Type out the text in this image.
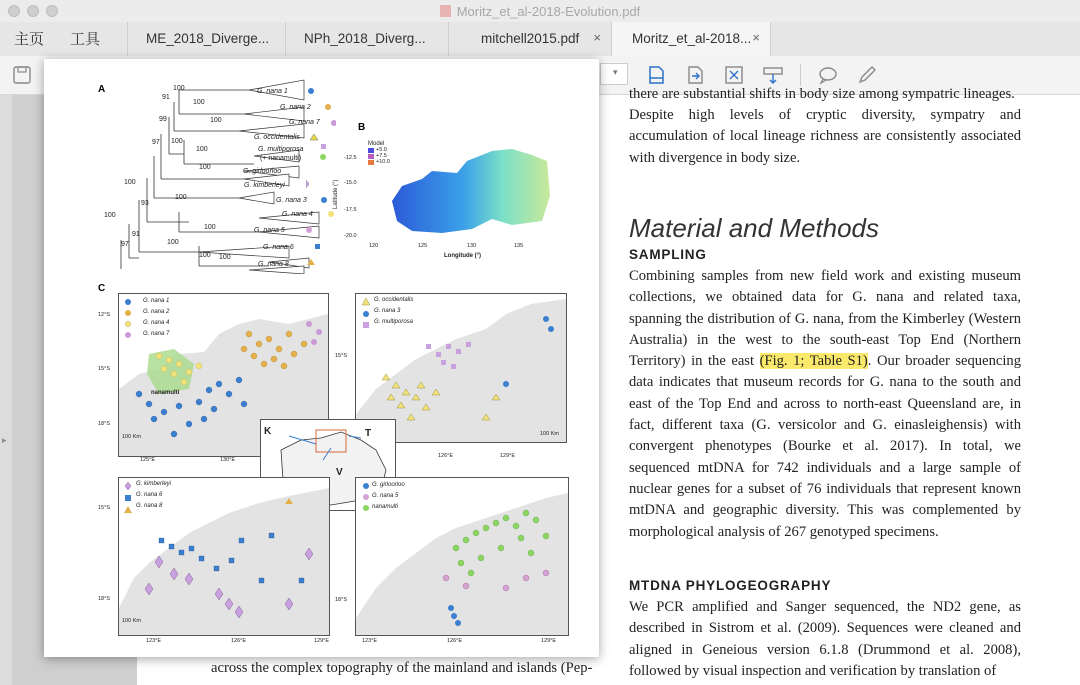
Moritz_et_al-2018-Evolution.pdf
主页 工具	ME_2018_Diverge...	NPh_2018_Diverg...	mitchell2015.pdf ×	Moritz_et_al-2018... ×
▾
▸
there are substantial shifts in body size among sympatric lineages.
Despite high levels of cryptic diversity, sympatry and accumulation of local lineage richness are consistently associated with divergence in body size.
Material and Methods
SAMPLING
Combining samples from new field work and existing museum collections, we obtained data for G. nana and related taxa, spanning the distribution of G. nana, from the Kimberley (Western Australia) in the west to the south-east Top End (Northern Territory) in the east (Fig. 1; Table S1). Our broader sequencing data indicates that museum records for G. nana to the south and east of the Top End and across to north-east Queensland are, in fact, different taxa (G. versicolor and G. einasleighensis) with convergent phenotypes (Bourke et al. 2017). In total, we sequenced mtDNA for 742 individuals and a large sample of nuclear genes for a subset of 76 individuals that represent known mtDNA and geographic diversity. This was complemented by morphological analysis of 267 genotyped specimens.
MTDNA PHYLOGEOGRAPHY
We PCR amplified and Sanger sequenced, the ND2 gene, as described in Sistrom et al. (2009). Sequences were cleaned and aligned in Geneious version 6.1.8 (Drummond et al. 2008), followed by visual inspection and verification by translation of
across the complex topography of the mainland and islands (Pep-
A	100
91
100
99	100
97 100
100
100
93
100
91
100
97
100
100
100
100
100
G. nana 1
G. nana 2
G. nana 7
G. occidentalis
G. multiporosa
(+ nanamulti)
G. girloorloo
G. kimberleyi
G. nana 3
G. nana 4
G. nana 5
G. nana 6
G. nana 8
B
Model
+5.0
+7.5
+10.0
-12.5
-15.0
-17.5
-20.0
Latitude (°)
120	125	130	135
Longitude (°)
C
G. nana 1
G. nana 2
G. nana 4
G. nana 7
nanamulti
100 Km
12°S
15°S
18°S
125°E	130°E
G. occidentalis
G. nana 3
G. multiporosa
100 Km
15°S
126°E	129°E
K	T
V
G. kimberleyi
G. nana 6
G. nana 8
100 Km
15°S
18°S
123°E	126°E	129°E
G. girloorloo
G. nana 5
nanamulti
18°S
123°E	126°E	129°E
